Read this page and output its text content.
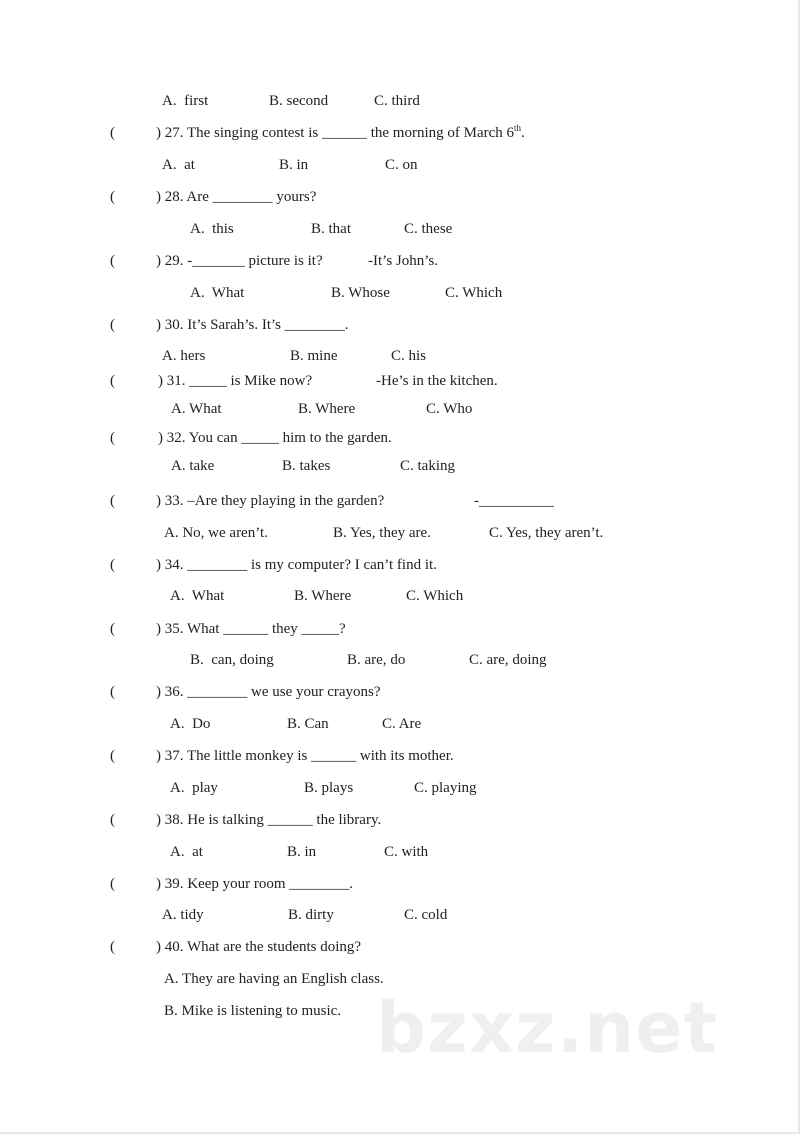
A.  first	B. second	C. third
(	) 27. The singing contest is ______ the morning of March 6th.
A.  at	B. in	C. on
(	) 28. Are ________ yours?
A.  this	B. that	C. these
(	) 29. -_______ picture is it?	-It’s John’s.
A.  What	B. Whose	C. Which
(	) 30. It’s Sarah’s. It’s ________.
A. hers	B. mine	C. his
(	) 31. _____ is Mike now?	-He’s in the kitchen.
A. What	B. Where	C. Who
(	) 32. You can _____ him to the garden.
A. take	B. takes	C. taking
(	) 33. –Are they playing in the garden?	-__________
A. No, we aren’t.	B. Yes, they are.	C. Yes, they aren’t.
(	) 34. ________ is my computer? I can’t find it.
A.  What	B. Where	C. Which
(	) 35. What ______ they _____?
B.  can, doing	B. are, do	C. are, doing
(	) 36. ________ we use your crayons?
A.  Do	B. Can	C. Are
(	) 37. The little monkey is ______ with its mother.
A.  play	B. plays	C. playing
(	) 38. He is talking ______ the library.
A.  at	B. in	C. with
(	) 39. Keep your room ________.
A. tidy	B. dirty	C. cold
(	) 40. What are the students doing?
A. They are having an English class.
B. Mike is listening to music. bzxz.net
